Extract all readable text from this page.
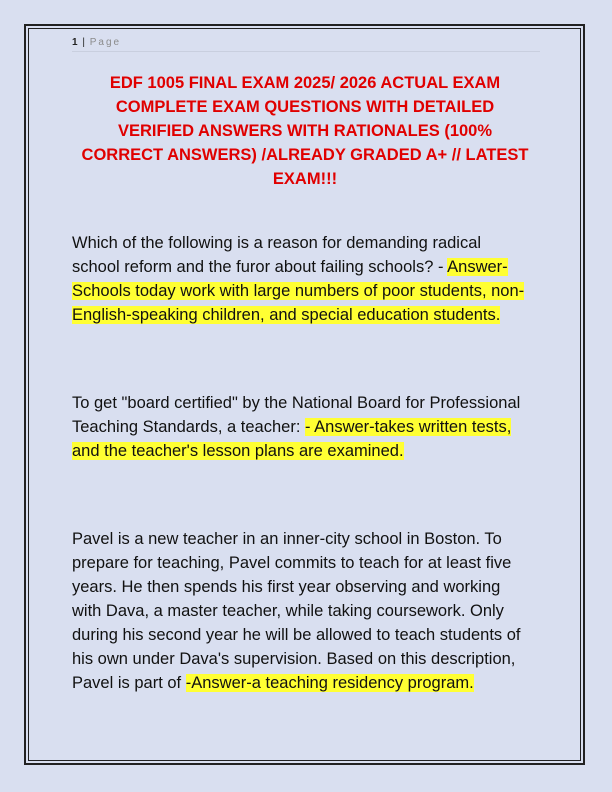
1 | Page
EDF 1005 FINAL EXAM 2025/ 2026 ACTUAL EXAM COMPLETE EXAM QUESTIONS WITH DETAILED VERIFIED ANSWERS WITH RATIONALES (100% CORRECT ANSWERS) /ALREADY GRADED A+ // LATEST EXAM!!!

Which of the following is a reason for demanding radical school reform and the furor about failing schools? - Answer-Schools today work with large numbers of poor students, non-English-speaking children, and special education students.

To get "board certified" by the National Board for Professional Teaching Standards, a teacher: - Answer-takes written tests, and the teacher's lesson plans are examined.

Pavel is a new teacher in an inner-city school in Boston. To prepare for teaching, Pavel commits to teach for at least five years. He then spends his first year observing and working with Dava, a master teacher, while taking coursework. Only during his second year he will be allowed to teach students of his own under Dava's supervision. Based on this description, Pavel is part of -Answer-a teaching residency program.
